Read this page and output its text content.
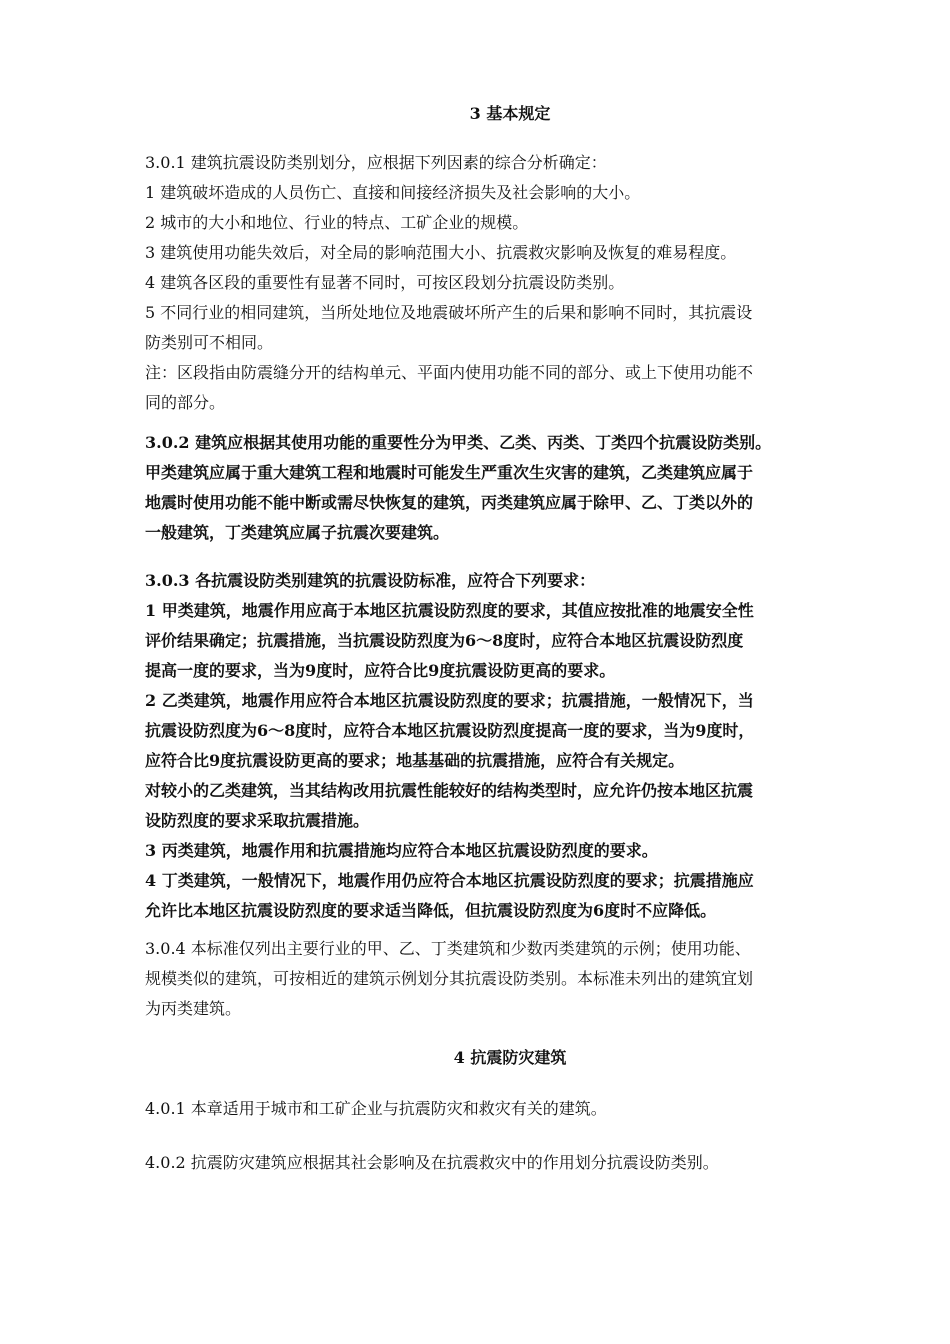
3 基本规定
3.0.1 建筑抗震设防类别划分，应根据下列因素的综合分析确定：
1 建筑破坏造成的人员伤亡、直接和间接经济损失及社会影响的大小。
2 城市的大小和地位、行业的特点、工矿企业的规模。
3 建筑使用功能失效后，对全局的影响范围大小、抗震救灾影响及恢复的难易程度。
4 建筑各区段的重要性有显著不同时，可按区段划分抗震设防类别。
5 不同行业的相同建筑，当所处地位及地震破坏所产生的后果和影响不同时，其抗震设
防类别可不相同。
注：区段指由防震缝分开的结构单元、平面内使用功能不同的部分、或上下使用功能不
同的部分。
3.0.2 建筑应根据其使用功能的重要性分为甲类、乙类、丙类、丁类四个抗震设防类别。
甲类建筑应属于重大建筑工程和地震时可能发生严重次生灾害的建筑，乙类建筑应属于
地震时使用功能不能中断或需尽快恢复的建筑，丙类建筑应属于除甲、乙、丁类以外的
一般建筑，丁类建筑应属子抗震次要建筑。
3.0.3 各抗震设防类别建筑的抗震设防标准，应符合下列要求：
1 甲类建筑，地震作用应高于本地区抗震设防烈度的要求，其值应按批准的地震安全性
评价结果确定；抗震措施，当抗震设防烈度为6～8度时，应符合本地区抗震设防烈度
提高一度的要求，当为9度时，应符合比9度抗震设防更高的要求。
2 乙类建筑，地震作用应符合本地区抗震设防烈度的要求；抗震措施，一般情况下，当
抗震设防烈度为6～8度时，应符合本地区抗震设防烈度提高一度的要求，当为9度时，
应符合比9度抗震设防更高的要求；地基基础的抗震措施，应符合有关规定。
对较小的乙类建筑，当其结构改用抗震性能较好的结构类型时，应允许仍按本地区抗震
设防烈度的要求采取抗震措施。
3 丙类建筑，地震作用和抗震措施均应符合本地区抗震设防烈度的要求。
4 丁类建筑，一般情况下，地震作用仍应符合本地区抗震设防烈度的要求；抗震措施应
允许比本地区抗震设防烈度的要求适当降低，但抗震设防烈度为6度时不应降低。
3.0.4 本标准仅列出主要行业的甲、乙、丁类建筑和少数丙类建筑的示例；使用功能、
规模类似的建筑，可按相近的建筑示例划分其抗震设防类别。本标准未列出的建筑宜划
为丙类建筑。
4 抗震防灾建筑
4.0.1 本章适用于城市和工矿企业与抗震防灾和救灾有关的建筑。
4.0.2 抗震防灾建筑应根据其社会影响及在抗震救灾中的作用划分抗震设防类别。
